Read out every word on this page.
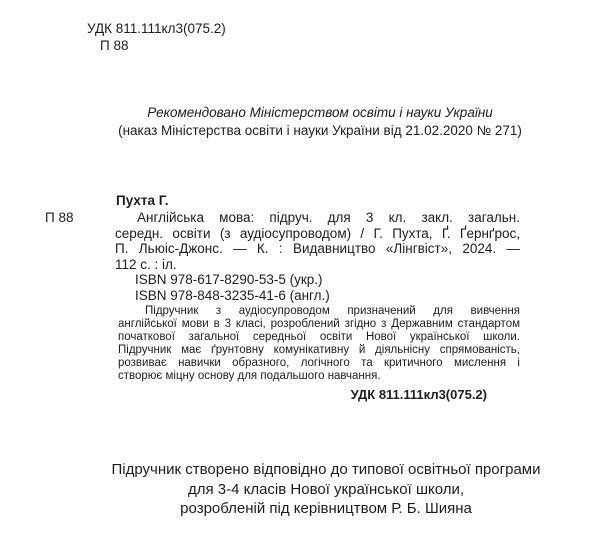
УДК 811.111кл3(075.2)
П 88
Рекомендовано Міністерством освіти і науки України
(наказ Міністерства освіти і науки України від 21.02.2020 № 271)
Пухта Г.
П 88	Англійська мова: підруч. для 3 кл. закл. загальн.
середн. освіти (з аудіосупроводом) / Г. Пухта, Ґ. Ґернґрос,
П. Льюіс-Джонс. — К. : Видавництво «Лінгвіст», 2024. —
112 с. : іл.
ISBN 978-617-8290-53-5 (укр.)
ISBN 978-848-3235-41-6 (англ.)
Підручник з аудіосупроводом призначений для вивчення
англійської мови в 3 класі, розроблений згідно з Державним стандартом
початкової загальної середньої освіти Нової української школи.
Підручник має ґрунтовну комунікативну й діяльнісну спрямованість,
розвиває навички образного, логічного та критичного мислення і
створює міцну основу для подальшого навчання.
УДК 811.111кл3(075.2)
Підручник створено відповідно до типової освітньої програми
для 3-4 класів Нової української школи,
розробленій під керівництвом Р. Б. Шияна
